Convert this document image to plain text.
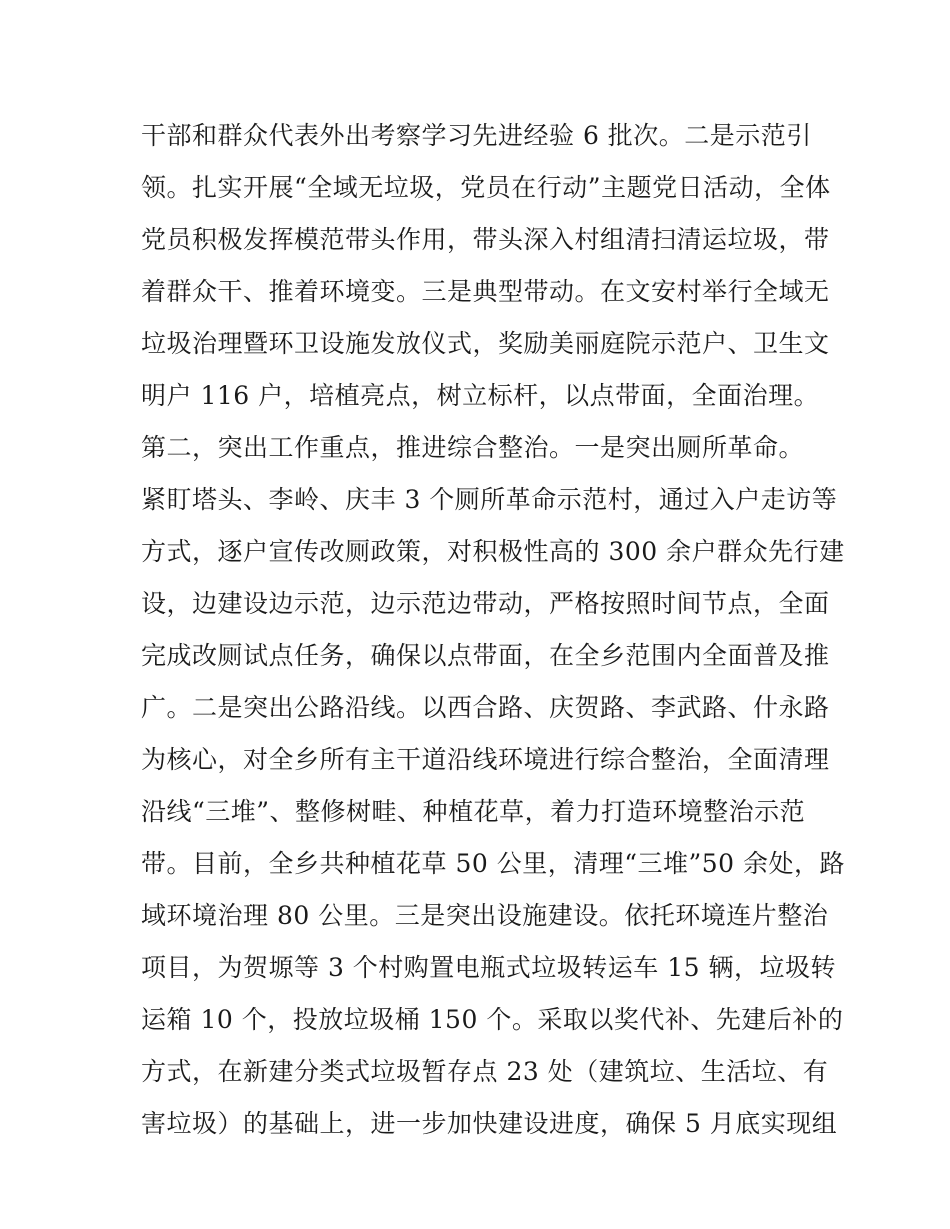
干部和群众代表外出考察学习先进经验 6 批次。二是示范引
领。扎实开展“全域无垃圾，党员在行动”主题党日活动，全体
党员积极发挥模范带头作用，带头深入村组清扫清运垃圾，带
着群众干、推着环境变。三是典型带动。在文安村举行全域无
垃圾治理暨环卫设施发放仪式，奖励美丽庭院示范户、卫生文
明户 116 户，培植亮点，树立标杆，以点带面，全面治理。
第二，突出工作重点，推进综合整治。一是突出厕所革命。
紧盯塔头、李岭、庆丰 3 个厕所革命示范村，通过入户走访等
方式，逐户宣传改厕政策，对积极性高的 300 余户群众先行建
设，边建设边示范，边示范边带动，严格按照时间节点，全面
完成改厕试点任务，确保以点带面，在全乡范围内全面普及推
广。二是突出公路沿线。以西合路、庆贺路、李武路、什永路
为核心，对全乡所有主干道沿线环境进行综合整治，全面清理
沿线“三堆”、整修树畦、种植花草，着力打造环境整治示范
带。目前，全乡共种植花草 50 公里，清理“三堆”50 余处，路
域环境治理 80 公里。三是突出设施建设。依托环境连片整治
项目，为贺塬等 3 个村购置电瓶式垃圾转运车 15 辆，垃圾转
运箱 10 个，投放垃圾桶 150 个。采取以奖代补、先建后补的
方式，在新建分类式垃圾暂存点 23 处（建筑垃、生活垃、有
害垃圾）的基础上，进一步加快建设进度，确保 5 月底实现组
